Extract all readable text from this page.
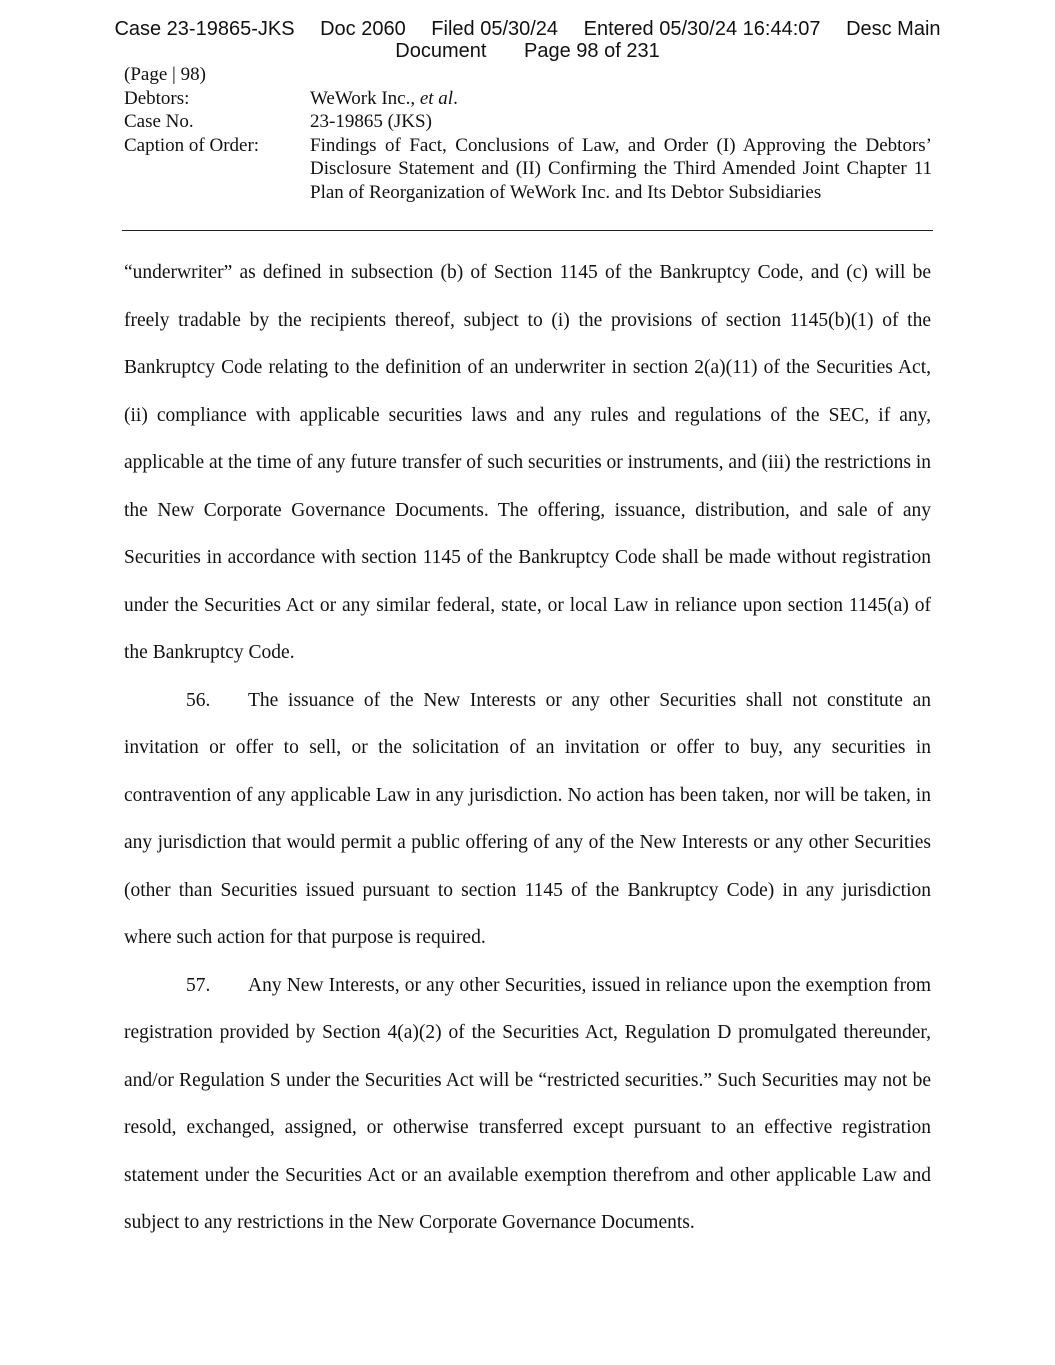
Case 23-19865-JKS Doc 2060 Filed 05/30/24 Entered 05/30/24 16:44:07 Desc Main
Document Page 98 of 231
(Page | 98)
Debtors:	WeWork Inc., et al.
Case No.	23-19865 (JKS)
Caption of Order:	Findings of Fact, Conclusions of Law, and Order (I) Approving the Debtors’ Disclosure Statement and (II) Confirming the Third Amended Joint Chapter 11 Plan of Reorganization of WeWork Inc. and Its Debtor Subsidiaries

“underwriter” as defined in subsection (b) of Section 1145 of the Bankruptcy Code, and (c) will be freely tradable by the recipients thereof, subject to (i) the provisions of section 1145(b)(1) of the Bankruptcy Code relating to the definition of an underwriter in section 2(a)(11) of the Securities Act, (ii) compliance with applicable securities laws and any rules and regulations of the SEC, if any, applicable at the time of any future transfer of such securities or instruments, and (iii) the restrictions in the New Corporate Governance Documents. The offering, issuance, distribution, and sale of any Securities in accordance with section 1145 of the Bankruptcy Code shall be made without registration under the Securities Act or any similar federal, state, or local Law in reliance upon section 1145(a) of the Bankruptcy Code.

56. The issuance of the New Interests or any other Securities shall not constitute an invitation or offer to sell, or the solicitation of an invitation or offer to buy, any securities in contravention of any applicable Law in any jurisdiction. No action has been taken, nor will be taken, in any jurisdiction that would permit a public offering of any of the New Interests or any other Securities (other than Securities issued pursuant to section 1145 of the Bankruptcy Code) in any jurisdiction where such action for that purpose is required.

57. Any New Interests, or any other Securities, issued in reliance upon the exemption from registration provided by Section 4(a)(2) of the Securities Act, Regulation D promulgated thereunder, and/or Regulation S under the Securities Act will be “restricted securities.” Such Securities may not be resold, exchanged, assigned, or otherwise transferred except pursuant to an effective registration statement under the Securities Act or an available exemption therefrom and other applicable Law and subject to any restrictions in the New Corporate Governance Documents.
